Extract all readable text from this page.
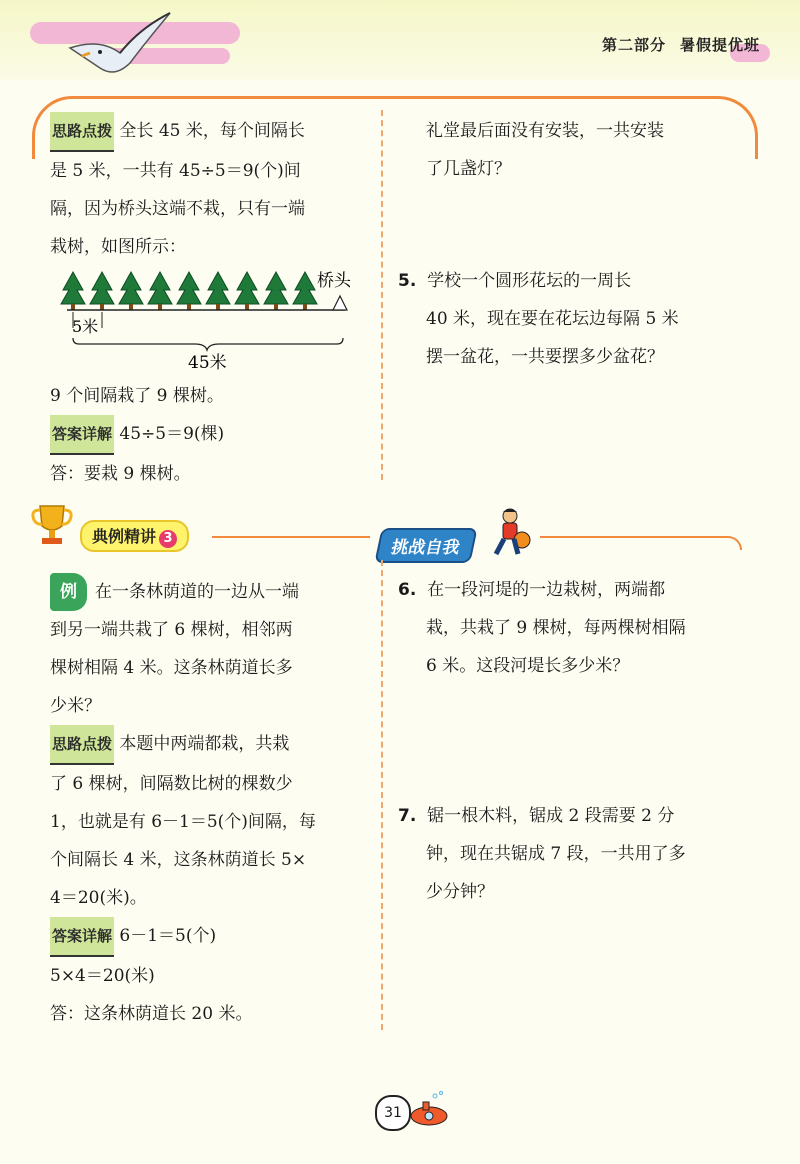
第二部分 暑假提优班
思路点拨 全长 45 米，每个间隔长
是 5 米，一共有 45÷5＝9(个)间
隔，因为桥头这端不栽，只有一端
栽树，如图所示：
桥头
5米
45米
9 个间隔栽了 9 棵树。
答案详解 45÷5＝9(棵)
答：要栽 9 棵树。
礼堂最后面没有安装，一共安装
了几盏灯？
5. 学校一个圆形花坛的一周长
40 米，现在要在花坛边每隔 5 米
摆一盆花，一共要摆多少盆花？
典例精讲 3	挑战自我
例 在一条林荫道的一边从一端
到另一端共栽了 6 棵树，相邻两
棵树相隔 4 米。这条林荫道长多
少米？
思路点拨 本题中两端都栽，共栽
了 6 棵树，间隔数比树的棵数少
1，也就是有 6－1＝5(个)间隔，每
个间隔长 4 米，这条林荫道长 5×
4＝20(米)。
答案详解 6－1＝5(个)
5×4＝20(米)
答：这条林荫道长 20 米。
6. 在一段河堤的一边栽树，两端都
栽，共栽了 9 棵树，每两棵树相隔
6 米。这段河堤长多少米？
7. 锯一根木料，锯成 2 段需要 2 分
钟，现在共锯成 7 段，一共用了多
少分钟？
31
